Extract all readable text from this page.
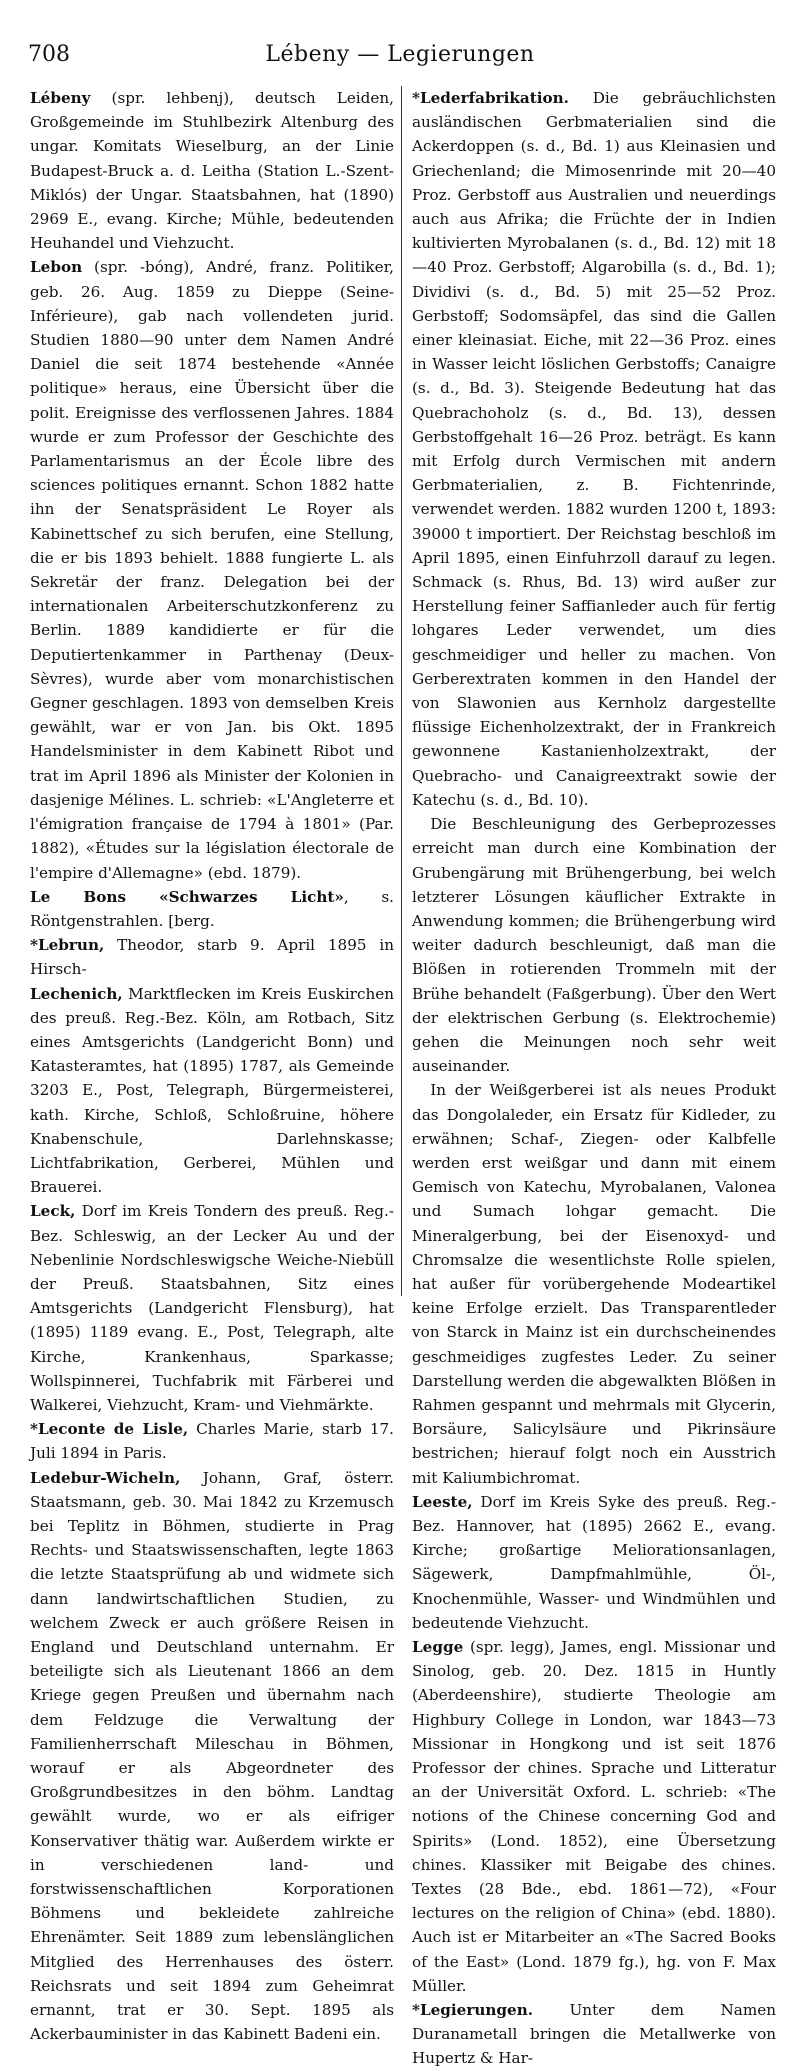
708	Lébeny — Legierungen

Lébeny (spr. lehbenj), deutsch Leiden, Großgemeinde im Stuhlbezirk Altenburg des ungar. Komitats Wieselburg, an der Linie Budapest-Bruck a. d. Leitha (Station L.-Szent-Miklós) der Ungar. Staatsbahnen, hat (1890) 2969 E., evang. Kirche; Mühle, bedeutenden Heuhandel und Viehzucht.

Lebon (spr. -bóng), André, franz. Politiker, geb. 26. Aug. 1859 zu Dieppe (Seine-Inférieure), gab nach vollendeten jurid. Studien 1880—90 unter dem Namen André Daniel die seit 1874 bestehende «Année politique» heraus, eine Übersicht über die polit. Ereignisse des verflossenen Jahres. 1884 wurde er zum Professor der Geschichte des Parlamentarismus an der École libre des sciences politiques ernannt. Schon 1882 hatte ihn der Senatspräsident Le Royer als Kabinettschef zu sich berufen, eine Stellung, die er bis 1893 behielt. 1888 fungierte L. als Sekretär der franz. Delegation bei der internationalen Arbeiterschutzkonferenz zu Berlin. 1889 kandidierte er für die Deputiertenkammer in Parthenay (Deux-Sèvres), wurde aber vom monarchistischen Gegner geschlagen. 1893 von demselben Kreis gewählt, war er von Jan. bis Okt. 1895 Handelsminister in dem Kabinett Ribot und trat im April 1896 als Minister der Kolonien in dasjenige Mélines. L. schrieb: «L'Angleterre et l'émigration française de 1794 à 1801» (Par. 1882), «Études sur la législation électorale de l'empire d'Allemagne» (ebd. 1879).

Le Bons «Schwarzes Licht», s. Röntgenstrahlen. [berg.

*Lebrun, Theodor, starb 9. April 1895 in Hirsch-

Lechenich, Marktflecken im Kreis Euskirchen des preuß. Reg.-Bez. Köln, am Rotbach, Sitz eines Amtsgerichts (Landgericht Bonn) und Katasteramtes, hat (1895) 1787, als Gemeinde 3203 E., Post, Telegraph, Bürgermeisterei, kath. Kirche, Schloß, Schloßruine, höhere Knabenschule, Darlehnskasse; Lichtfabrikation, Gerberei, Mühlen und Brauerei.

Leck, Dorf im Kreis Tondern des preuß. Reg.-Bez. Schleswig, an der Lecker Au und der Nebenlinie Nordschleswigsche Weiche-Niebüll der Preuß. Staatsbahnen, Sitz eines Amtsgerichts (Landgericht Flensburg), hat (1895) 1189 evang. E., Post, Telegraph, alte Kirche, Krankenhaus, Sparkasse; Wollspinnerei, Tuchfabrik mit Färberei und Walkerei, Viehzucht, Kram- und Viehmärkte.

*Leconte de Lisle, Charles Marie, starb 17. Juli 1894 in Paris.

Ledebur-Wicheln, Johann, Graf, österr. Staatsmann, geb. 30. Mai 1842 zu Krzemusch bei Teplitz in Böhmen, studierte in Prag Rechts- und Staatswissenschaften, legte 1863 die letzte Staatsprüfung ab und widmete sich dann landwirtschaftlichen Studien, zu welchem Zweck er auch größere Reisen in England und Deutschland unternahm. Er beteiligte sich als Lieutenant 1866 an dem Kriege gegen Preußen und übernahm nach dem Feldzuge die Verwaltung der Familienherrschaft Mileschau in Böhmen, worauf er als Abgeordneter des Großgrundbesitzes in den böhm. Landtag gewählt wurde, wo er als eifriger Konservativer thätig war. Außerdem wirkte er in verschiedenen land- und forstwissenschaftlichen Korporationen Böhmens und bekleidete zahlreiche Ehrenämter. Seit 1889 zum lebenslänglichen Mitglied des Herrenhauses des österr. Reichsrats und seit 1894 zum Geheimrat ernannt, trat er 30. Sept. 1895 als Ackerbauminister in das Kabinett Badeni ein.

*Lederfabrikation. Die gebräuchlichsten ausländischen Gerbmaterialien sind die Ackerdoppen (s. d., Bd. 1) aus Kleinasien und Griechenland; die Mimosenrinde mit 20—40 Proz. Gerbstoff aus Australien und neuerdings auch aus Afrika; die Früchte der in Indien kultivierten Myrobalanen (s. d., Bd. 12) mit 18—40 Proz. Gerbstoff; Algarobilla (s. d., Bd. 1); Dividivi (s. d., Bd. 5) mit 25—52 Proz. Gerbstoff; Sodomsäpfel, das sind die Gallen einer kleinasiat. Eiche, mit 22—36 Proz. eines in Wasser leicht löslichen Gerbstoffs; Canaigre (s. d., Bd. 3). Steigende Bedeutung hat das Quebrachoholz (s. d., Bd. 13), dessen Gerbstoffgehalt 16—26 Proz. beträgt. Es kann mit Erfolg durch Vermischen mit andern Gerbmaterialien, z. B. Fichtenrinde, verwendet werden. 1882 wurden 1200 t, 1893: 39000 t importiert. Der Reichstag beschloß im April 1895, einen Einfuhrzoll darauf zu legen. Schmack (s. Rhus, Bd. 13) wird außer zur Herstellung feiner Saffianleder auch für fertig lohgares Leder verwendet, um dies geschmeidiger und heller zu machen. Von Gerberextraten kommen in den Handel der von Slawonien aus Kernholz dargestellte flüssige Eichenholzextrakt, der in Frankreich gewonnene Kastanienholzextrakt, der Quebracho- und Canaigreextrakt sowie der Katechu (s. d., Bd. 10).

Die Beschleunigung des Gerbeprozesses erreicht man durch eine Kombination der Grubengärung mit Brühengerbung, bei welch letzterer Lösungen käuflicher Extrakte in Anwendung kommen; die Brühengerbung wird weiter dadurch beschleunigt, daß man die Blößen in rotierenden Trommeln mit der Brühe behandelt (Faßgerbung). Über den Wert der elektrischen Gerbung (s. Elektrochemie) gehen die Meinungen noch sehr weit auseinander.

In der Weißgerberei ist als neues Produkt das Dongolaleder, ein Ersatz für Kidleder, zu erwähnen; Schaf-, Ziegen- oder Kalbfelle werden erst weißgar und dann mit einem Gemisch von Katechu, Myrobalanen, Valonea und Sumach lohgar gemacht. Die Mineralgerbung, bei der Eisenoxyd- und Chromsalze die wesentlichste Rolle spielen, hat außer für vorübergehende Modeartikel keine Erfolge erzielt. Das Transparentleder von Starck in Mainz ist ein durchscheinendes geschmeidiges zugfestes Leder. Zu seiner Darstellung werden die abgewalkten Blößen in Rahmen gespannt und mehrmals mit Glycerin, Borsäure, Salicylsäure und Pikrinsäure bestrichen; hierauf folgt noch ein Ausstrich mit Kaliumbichromat.

Leeste, Dorf im Kreis Syke des preuß. Reg.-Bez. Hannover, hat (1895) 2662 E., evang. Kirche; großartige Meliorationsanlagen, Sägewerk, Dampfmahlmühle, Öl-, Knochenmühle, Wasser- und Windmühlen und bedeutende Viehzucht.

Legge (spr. legg), James, engl. Missionar und Sinolog, geb. 20. Dez. 1815 in Huntly (Aberdeenshire), studierte Theologie am Highbury College in London, war 1843—73 Missionar in Hongkong und ist seit 1876 Professor der chines. Sprache und Litteratur an der Universität Oxford. L. schrieb: «The notions of the Chinese concerning God and Spirits» (Lond. 1852), eine Übersetzung chines. Klassiker mit Beigabe des chines. Textes (28 Bde., ebd. 1861—72), «Four lectures on the religion of China» (ebd. 1880). Auch ist er Mitarbeiter an «The Sacred Books of the East» (Lond. 1879 fg.), hg. von F. Max Müller.

*Legierungen. Unter dem Namen Duranametall bringen die Metallwerke von Hupertz & Har-
